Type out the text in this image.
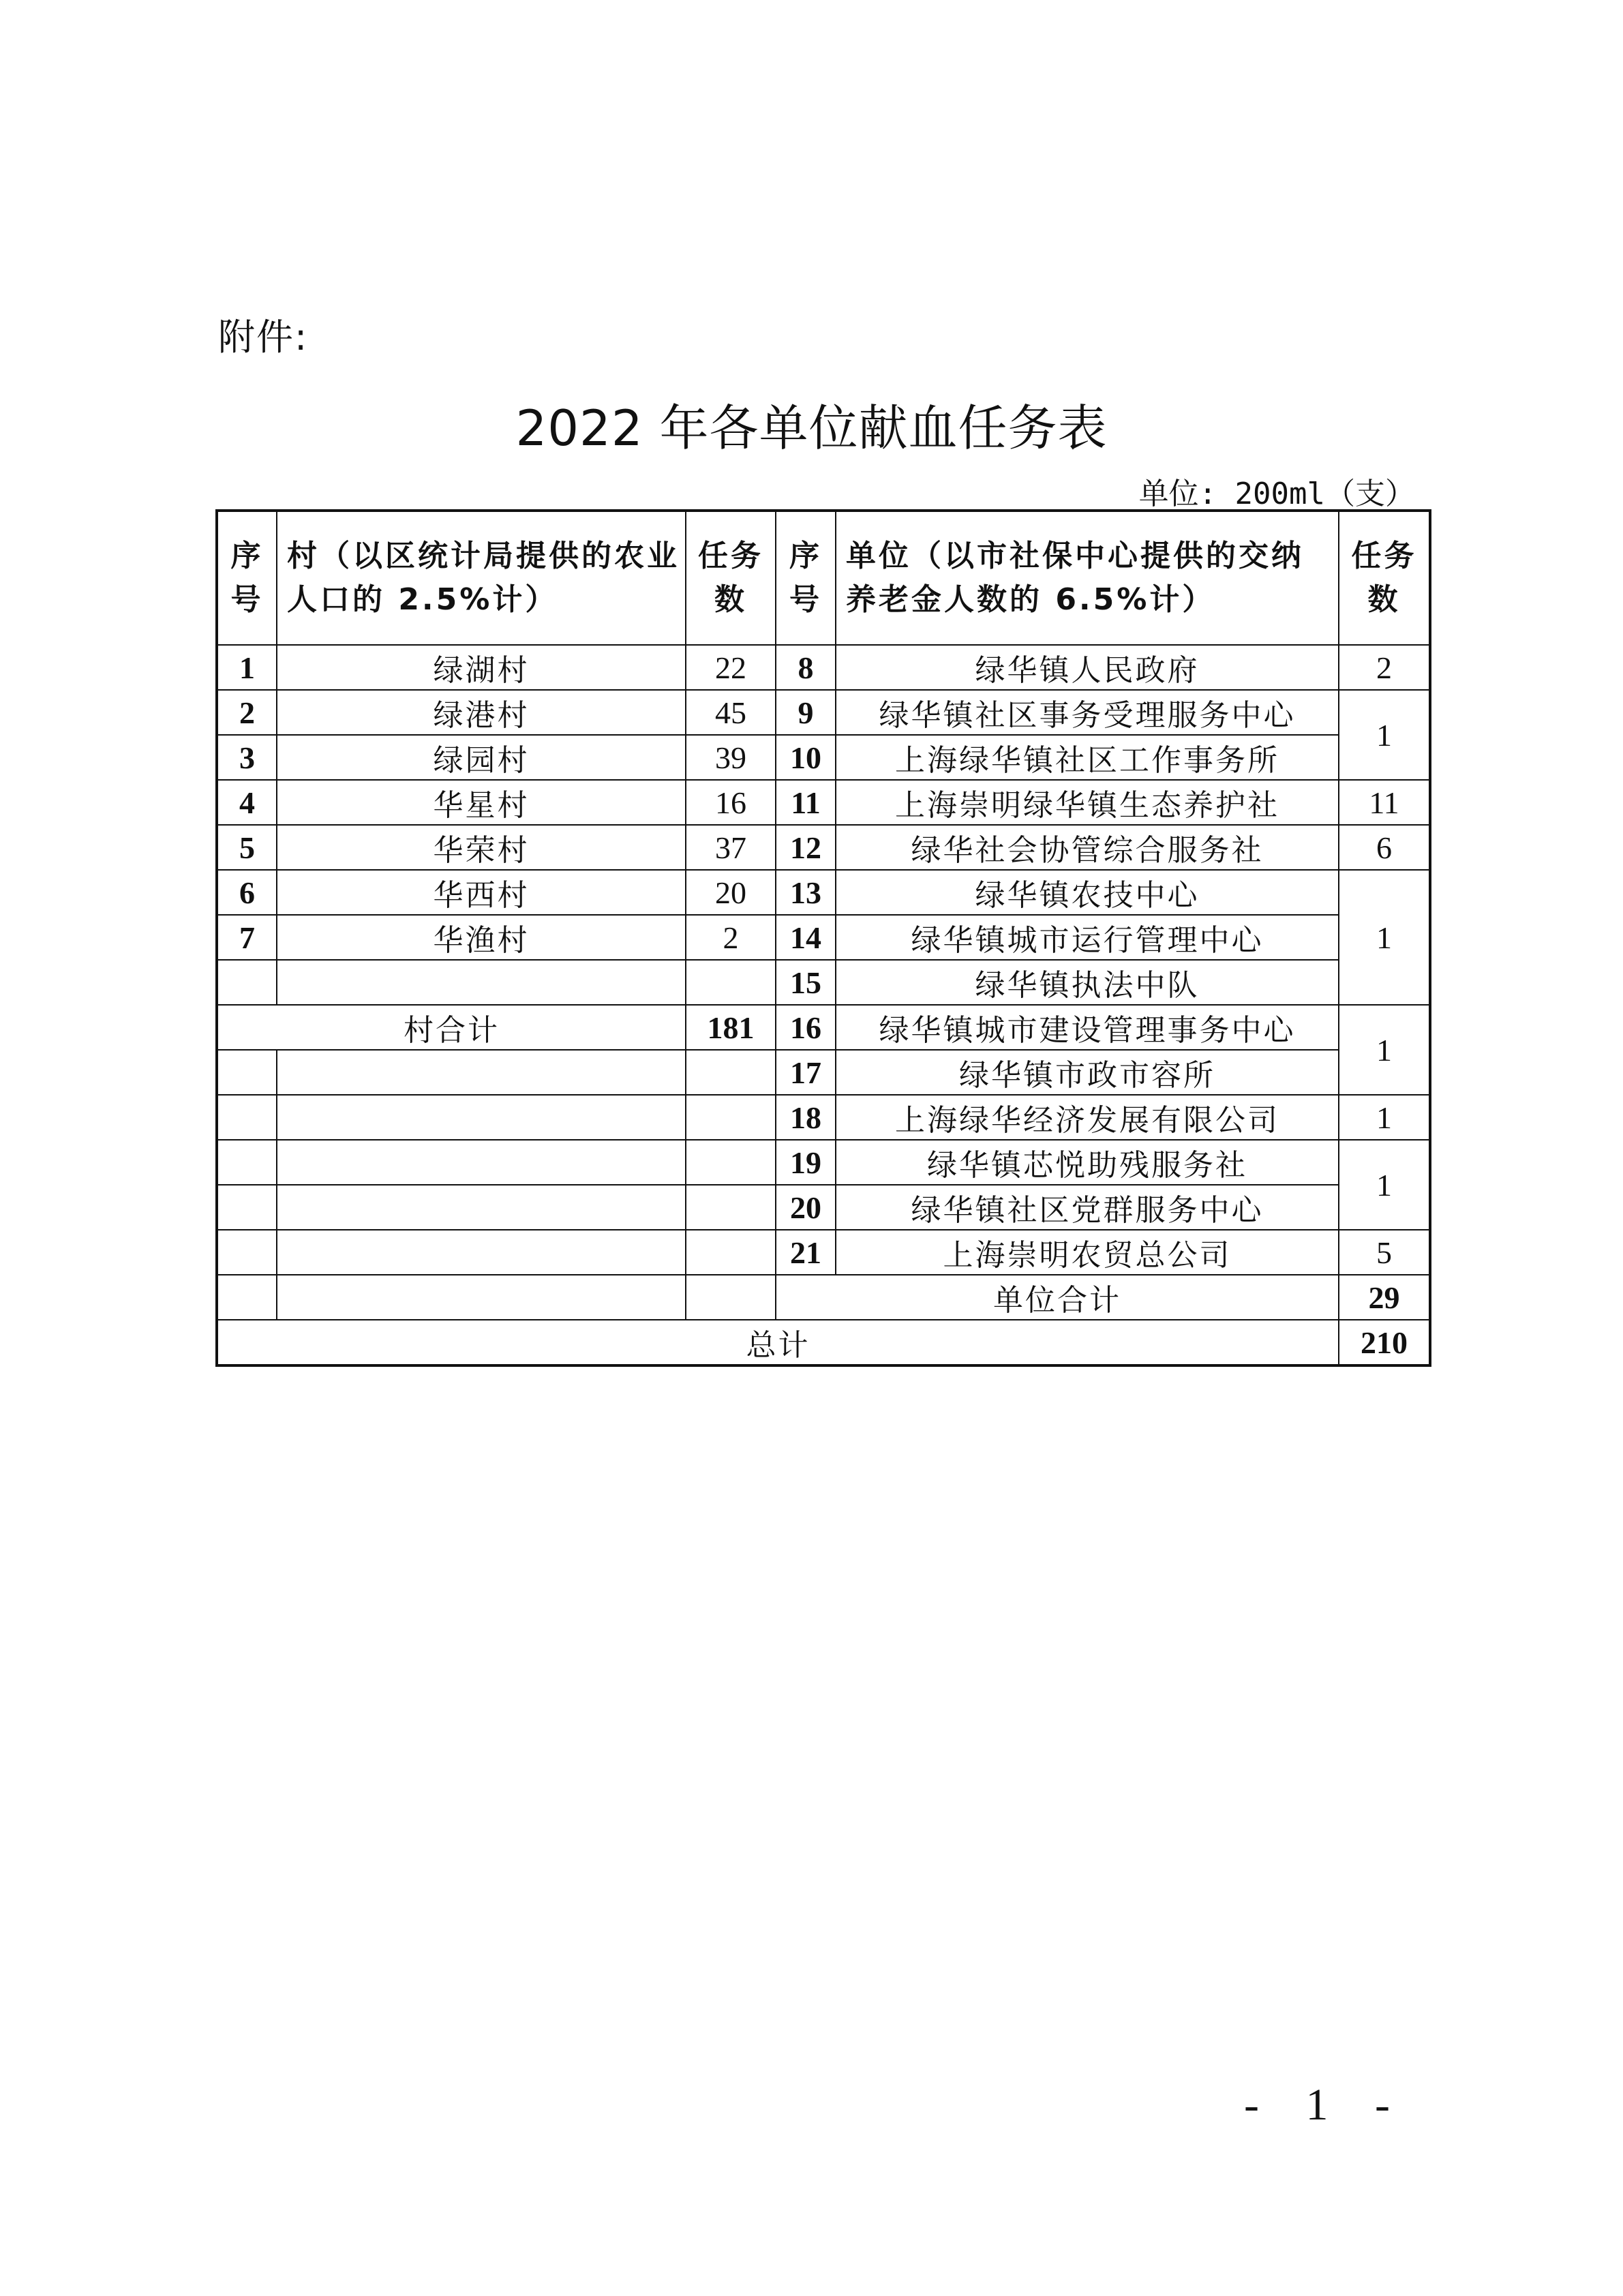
附件:
2022 年各单位献血任务表
单位: 200ml（支）
序号	村（以区统计局提供的农业人口的 2.5%计）	任务数	序号	单位（以市社保中心提供的交纳养老金人数的 6.5%计）	任务数
1	绿湖村	22	8	绿华镇人民政府	2
2	绿港村	45	9	绿华镇社区事务受理服务中心	1
3	绿园村	39	10	上海绿华镇社区工作事务所	
4	华星村	16	11	上海崇明绿华镇生态养护社	11
5	华荣村	37	12	绿华社会协管综合服务社	6
6	华西村	20	13	绿华镇农技中心	1
7	华渔村	2	14	绿华镇城市运行管理中心	
			15	绿华镇执法中队	
村合计		181	16	绿华镇城市建设管理事务中心	1
			17	绿华镇市政市容所	
			18	上海绿华经济发展有限公司	1
			19	绿华镇芯悦助残服务社	1
			20	绿华镇社区党群服务中心	
			21	上海崇明农贸总公司	5
			单位合计		29
总计					210
- 1 -
